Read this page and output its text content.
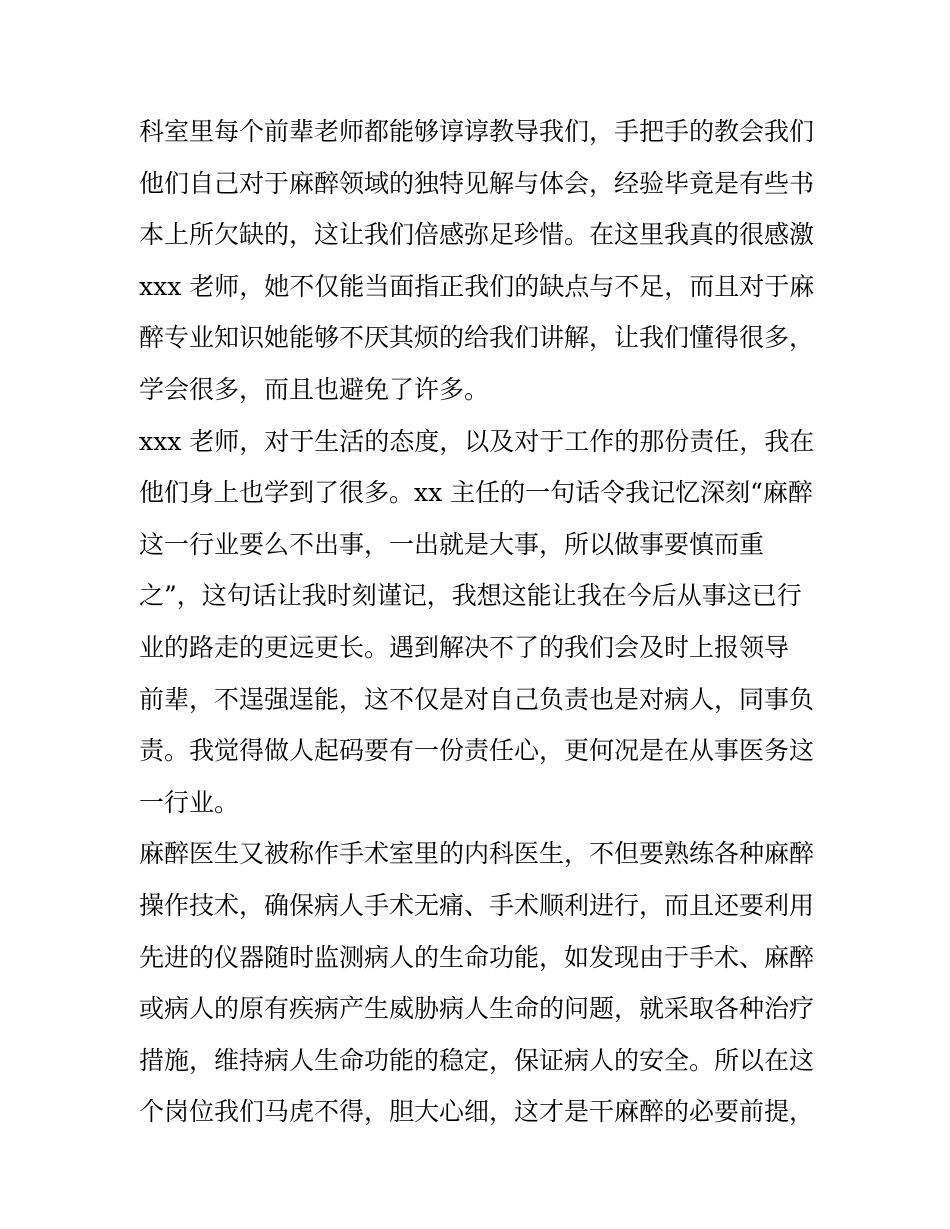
科室里每个前辈老师都能够谆谆教导我们，手把手的教会我们
他们自己对于麻醉领域的独特见解与体会，经验毕竟是有些书
本上所欠缺的，这让我们倍感弥足珍惜。在这里我真的很感激
xxx 老师，她不仅能当面指正我们的缺点与不足，而且对于麻
醉专业知识她能够不厌其烦的给我们讲解，让我们懂得很多，
学会很多，而且也避免了许多。
xxx 老师，对于生活的态度，以及对于工作的那份责任，我在
他们身上也学到了很多。xx 主任的一句话令我记忆深刻“麻醉
这一行业要么不出事，一出就是大事，所以做事要慎而重
之”，这句话让我时刻谨记，我想这能让我在今后从事这已行
业的路走的更远更长。遇到解决不了的我们会及时上报领导
前辈，不逞强逞能，这不仅是对自己负责也是对病人，同事负
责。我觉得做人起码要有一份责任心，更何况是在从事医务这
一行业。
麻醉医生又被称作手术室里的内科医生，不但要熟练各种麻醉
操作技术，确保病人手术无痛、手术顺利进行，而且还要利用
先进的仪器随时监测病人的生命功能，如发现由于手术、麻醉
或病人的原有疾病产生威胁病人生命的问题，就采取各种治疗
措施，维持病人生命功能的稳定，保证病人的安全。所以在这
个岗位我们马虎不得，胆大心细，这才是干麻醉的必要前提，
